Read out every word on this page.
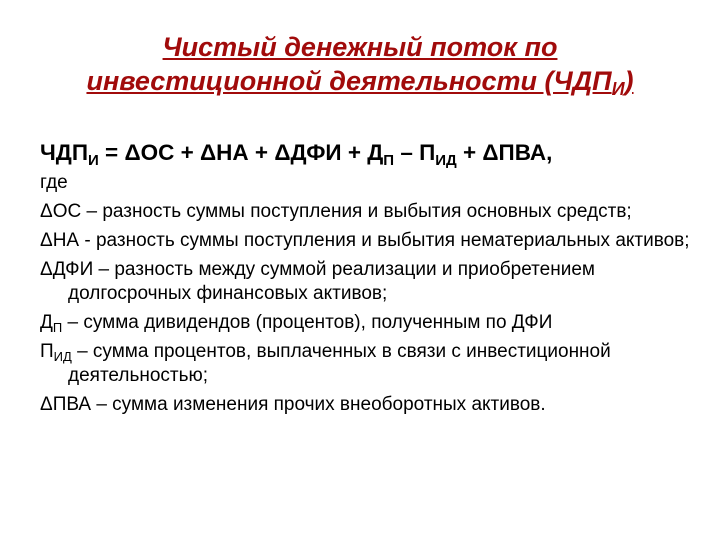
Чистый денежный поток по
инвестиционной деятельности $(ЧДП_И)$
$ЧДП_И = \Delta ОС + \Delta НА + \Delta ДФИ + Д_П - П_{ИД} + \Delta ПВА$,
где
ΔОС – разность суммы поступления и выбытия основных средств;
ΔНА - разность суммы поступления и выбытия нематериальных активов;
ΔДФИ – разность между суммой реализации и приобретением долгосрочных финансовых активов;
$Д_П$ – сумма дивидендов (процентов), полученным по ДФИ
$П_{ИД}$ – сумма процентов, выплаченных в связи с инвестиционной деятельностью;
ΔПВА – сумма изменения прочих внеоборотных активов.
